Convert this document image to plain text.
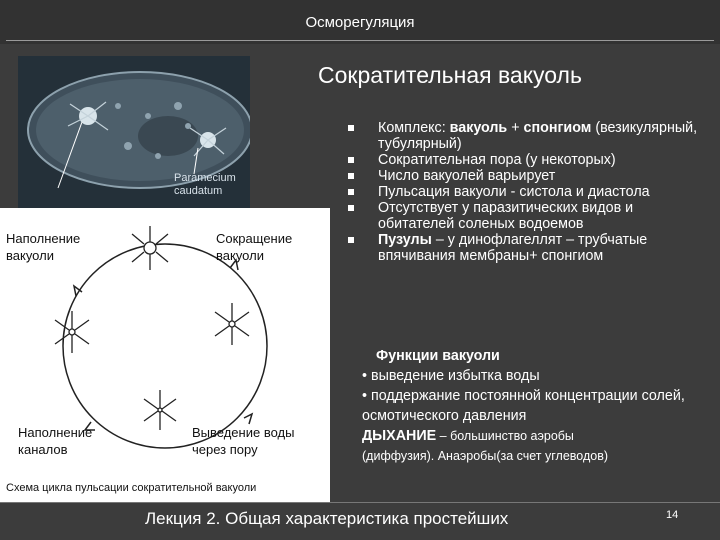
Осморегуляция
Сократительная вакуоль
Paramecium
caudatum
Наполнение
вакуоли
Сокращение
вакуоли
Наполнение
каналов
Выведение воды
через пору
Схема цикла пульсации сократительной вакуоли
Комплекс: вакуоль + спонгиом (везикулярный, тубулярный)
Сократительная пора (у некоторых)
Число вакуолей варьирует
Пульсация вакуоли - систола и диастола
Отсутствует у паразитических видов и обитателей соленых водоемов
Пузулы – у динофлагеллят – трубчатые впячивания мембраны+ спонгиом
Функции вакуоли
• выведение избытка воды
• поддержание постоянной концентрации солей, осмотического давления
ДЫХАНИЕ – большинство аэробы
(диффузия). Анаэробы(за счет углеводов)
Лекция 2. Общая характеристика простейших	14
